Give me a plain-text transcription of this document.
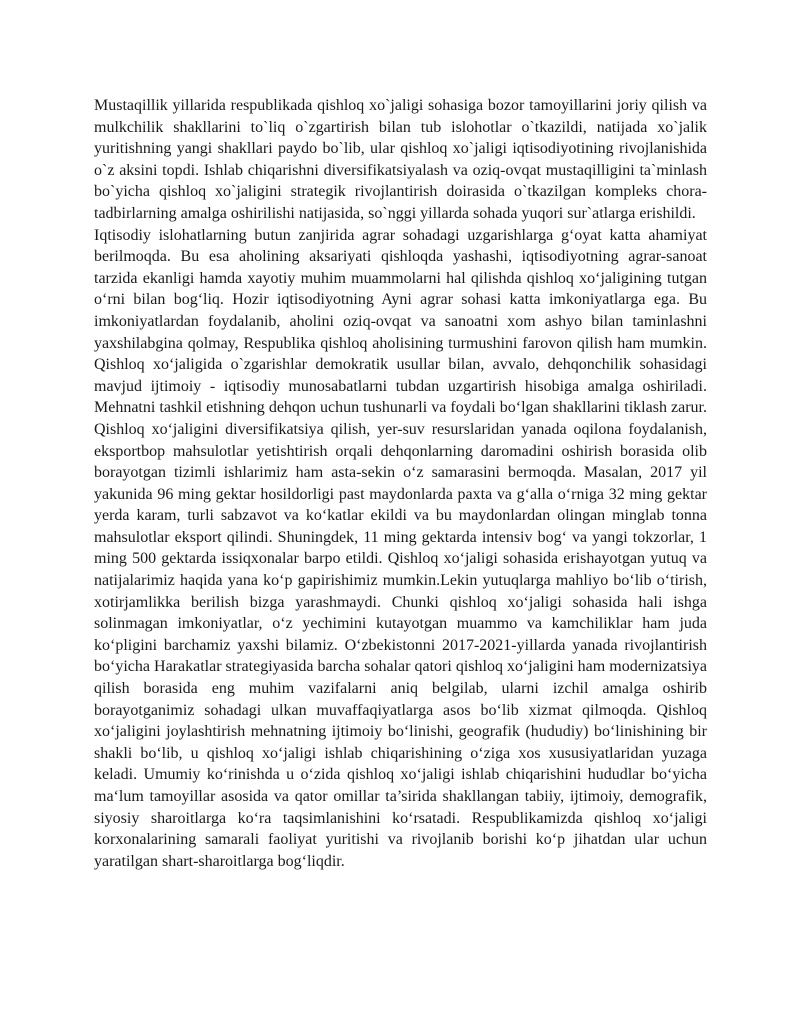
Mustaqillik yillarida respublikada qishloq xo`jaligi sohasiga bozor tamoyillarini joriy qilish va mulkchilik shakllarini to`liq o`zgartirish bilan tub islohotlar o`tkazildi, natijada xo`jalik yuritishning yangi shakllari paydo bo`lib, ular qishloq xo`jaligi iqtisodiyotining rivojlanishida o`z aksini topdi. Ishlab chiqarishni diversifikatsiyalash va oziq-ovqat mustaqilligini ta`minlash bo`yicha qishloq xo`jaligini strategik rivojlantirish doirasida o`tkazilgan kompleks chora-tadbirlarning amalga oshirilishi natijasida, so`nggi yillarda sohada yuqori sur`atlarga erishildi.

Iqtisodiy islohatlarning butun zanjirida agrar sohadagi uzgarishlarga g‘oyat katta ahamiyat berilmoqda. Bu esa aholining aksariyati qishloqda yashashi, iqtisodiyotning agrar-sanoat tarzida ekanligi hamda xayotiy muhim muammolarni hal qilishda qishloq xo‘jaligining tutgan o‘rni bilan bog‘liq. Hozir iqtisodiyotning Ayni agrar sohasi katta imkoniyatlarga ega. Bu imkoniyatlardan foydalanib, aholini oziq-ovqat va sanoatni xom ashyo bilan taminlashni yaxshilabgina qolmay, Respublika qishloq aholisining turmushini farovon qilish ham mumkin. Qishloq xo‘jaligida o`zgarishlar demokratik usullar bilan, avvalo, dehqonchilik sohasidagi mavjud ijtimoiy - iqtisodiy munosabatlarni tubdan uzgartirish hisobiga amalga oshiriladi. Mehnatni tashkil etishning dehqon uchun tushunarli va foydali bo‘lgan shakllarini tiklash zarur. Qishloq xo‘jaligini diversifikatsiya qilish, yer-suv resurslaridan yanada oqilona foydalanish, eksportbop mahsulotlar yetishtirish orqali dehqonlarning daromadini oshirish borasida olib borayotgan tizimli ishlarimiz ham asta-sekin o‘z samarasini bermoqda. Masalan, 2017 yil yakunida 96 ming gektar hosildorligi past maydonlarda paxta va g‘alla o‘rniga 32 ming gektar yerda karam, turli sabzavot va ko‘katlar ekildi va bu maydonlardan olingan minglab tonna mahsulotlar eksport qilindi. Shuningdek, 11 ming gektarda intensiv bog‘ va yangi tokzorlar, 1 ming 500 gektarda issiqxonalar barpo etildi. Qishloq xo‘jaligi sohasida erishayotgan yutuq va natijalarimiz haqida yana ko‘p gapirishimiz mumkin.Lekin yutuqlarga mahliyo bo‘lib o‘tirish, xotirjamlikka berilish bizga yarashmaydi. Chunki qishloq xo‘jaligi sohasida hali ishga solinmagan imkoniyatlar, o‘z yechimini kutayotgan muammo va kamchiliklar ham juda ko‘pligini barchamiz yaxshi bilamiz. O‘zbekistonni 2017-2021-yillarda yanada rivojlantirish bo‘yicha Harakatlar strategiyasida barcha sohalar qatori qishloq xo‘jaligini ham modernizatsiya qilish borasida eng muhim vazifalarni aniq belgilab, ularni izchil amalga oshirib borayotganimiz sohadagi ulkan muvaffaqiyatlarga asos bo‘lib xizmat qilmoqda. Qishloq xo‘jaligini joylashtirish mehnatning ijtimoiy bo‘linishi, geografik (hududiy) bo‘linishining bir shakli bo‘lib, u qishloq xo‘jaligi ishlab chiqarishining o‘ziga xos xususiyatlaridan yuzaga keladi. Umumiy ko‘rinishda u o‘zida qishloq xo‘jaligi ishlab chiqarishini hududlar bo‘yicha ma‘lum tamoyillar asosida va qator omillar ta’sirida shakllangan tabiiy, ijtimoiy, demografik, siyosiy sharoitlarga ko‘ra taqsimlanishini ko‘rsatadi. Respublikamizda qishloq xo‘jaligi korxonalarining samarali faoliyat yuritishi va rivojlanib borishi ko‘p jihatdan ular uchun yaratilgan shart-sharoitlarga bog‘liqdir.
